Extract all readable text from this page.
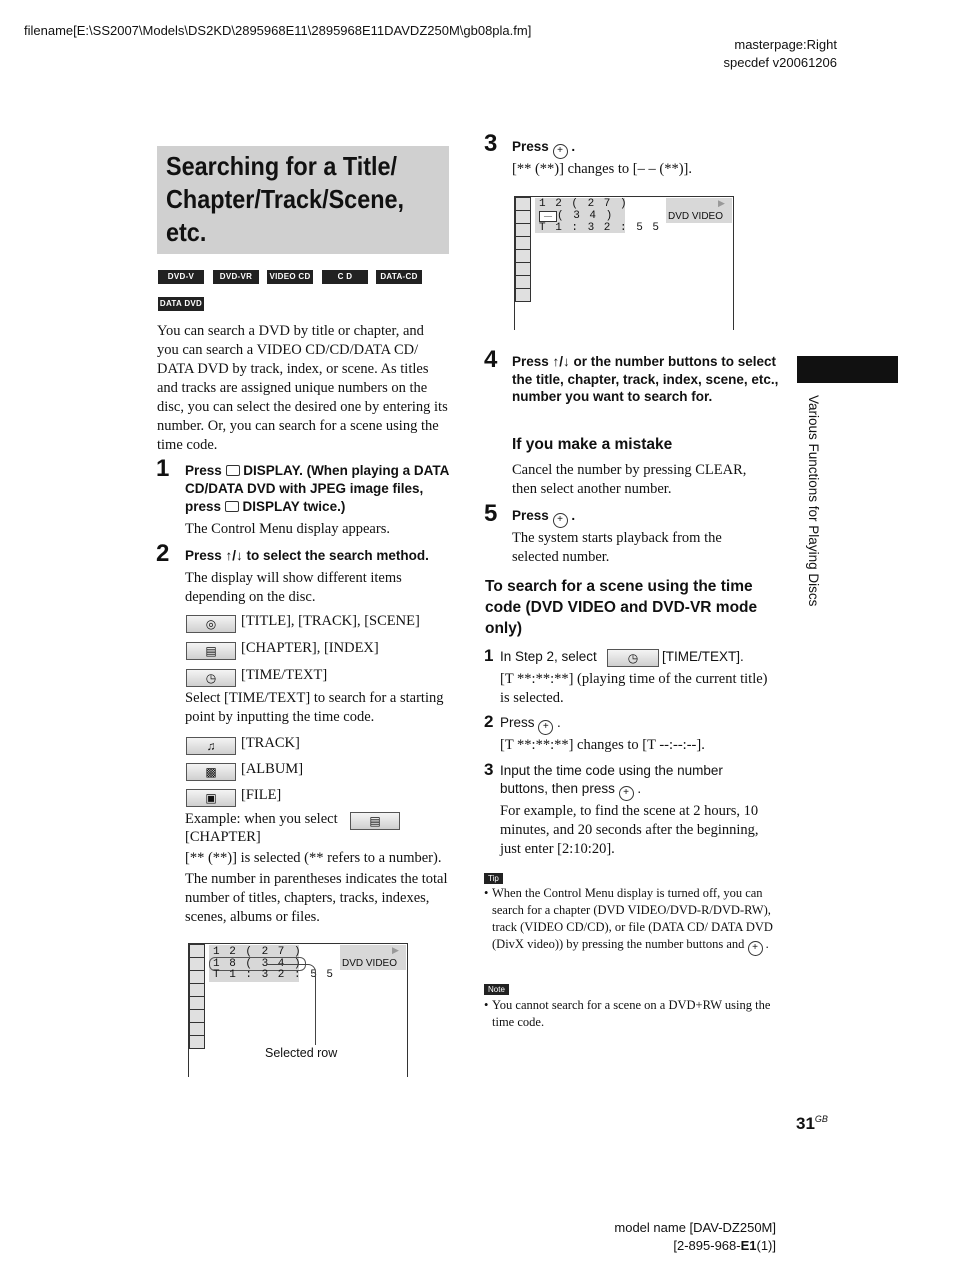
filename[E:\SS2007\Models\DS2KD\2895968E11\2895968E11DAVDZ250M\gb08pla.fm]
masterpage:Right
specdef v20061206
Searching for a Title/
Chapter/Track/Scene,
etc.
DVD-V	DVD-VR	VIDEO CD	C D	DATA-CD
DATA DVD
You can search a DVD by title or chapter, and you can search a VIDEO CD/CD/DATA CD/ DATA DVD by track, index, or scene. As titles and tracks are assigned unique numbers on the disc, you can select the desired one by entering its number. Or, you can search for a scene using the time code.
1 Press  DISPLAY. (When playing a DATA CD/DATA DVD with JPEG image files, press  DISPLAY twice.)
The Control Menu display appears.
2 Press ↑/↓ to select the search method.
The display will show different items depending on the disc.
◎	[TITLE], [TRACK], [SCENE]
▤	[CHAPTER], [INDEX]
◷	[TIME/TEXT]
Select [TIME/TEXT] to search for a starting point by inputting the time code.
♫	[TRACK]
▩	[ALBUM]
▣	[FILE]
Example: when you select	▤
[CHAPTER]
[** (**)] is selected (** refers to a number).
The number in parentheses indicates the total number of titles, chapters, tracks, indexes, scenes, albums or files.
1 2 ( 2 7 )
1 8 ( 3 4 )
T 1 : 3 2 : 5 5
DVD VIDEO
▶
Selected row
3 Press + .
[** (**)] changes to [– – (**)].
1 2 ( 2 7 )
–– ( 3 4 )
T 1 : 3 2 : 5 5
DVD VIDEO
▶
4 Press ↑/↓ or the number buttons to select the title, chapter, track, index, scene, etc., number you want to search for.
If you make a mistake
Cancel the number by pressing CLEAR, then select another number.
5 Press + .
The system starts playback from the selected number.
To search for a scene using the time code (DVD VIDEO and DVD-VR mode only)
1 In Step 2, select	◷	[TIME/TEXT].
[T **:**:**] (playing time of the current title) is selected.
2 Press + .
[T **:**:**] changes to [T --:--:--].
3 Input the time code using the number buttons, then press + .
For example, to find the scene at 2 hours, 10 minutes, and 20 seconds after the beginning, just enter [2:10:20].
Tip
• When the Control Menu display is turned off, you can search for a chapter (DVD VIDEO/DVD-R/DVD-RW), track (VIDEO CD/CD), or file (DATA CD/ DATA DVD (DivX video)) by pressing the number buttons and + .
Note
• You cannot search for a scene on a DVD+RW using the time code.
Various Functions for Playing Discs
$31^{GB}$
model name [DAV-DZ250M]
[2-895-968-E1(1)]
